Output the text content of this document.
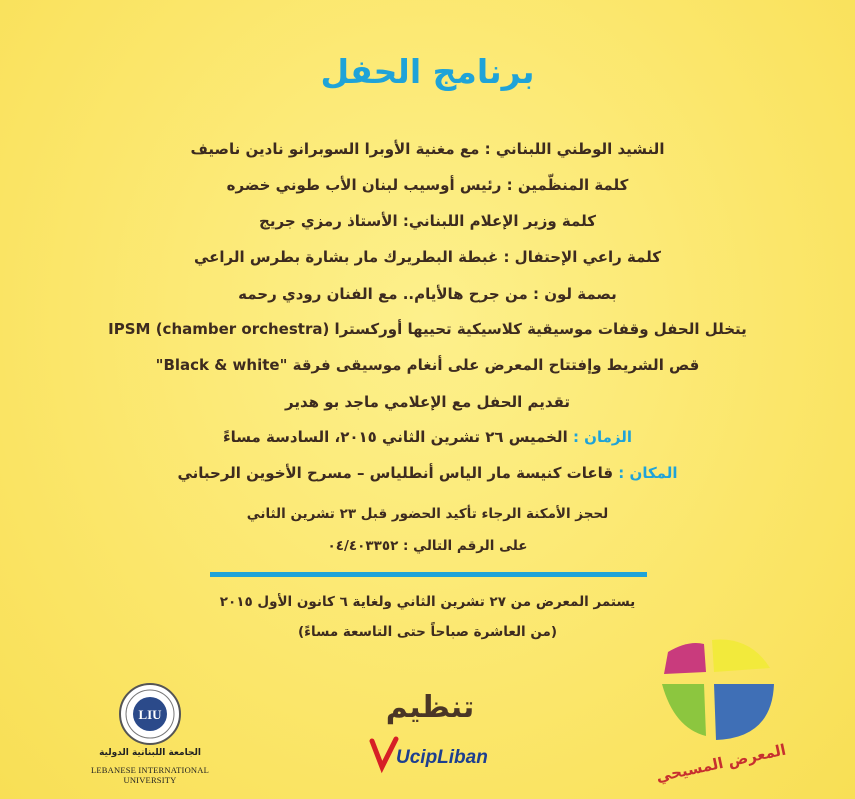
برنامج الحفل
النشيد الوطني اللبناني : مع مغنية الأوبرا السوبرانو نادين ناصيف
كلمة المنظّمين : رئيس أوسيب لبنان الأب طوني خضره
كلمة وزير الإعلام اللبناني: الأستاذ رمزي جريج
كلمة راعي الإحتفال : غبطة البطريرك مار بشارة بطرس الراعي
بصمة لون : من جرح هالأيام.. مع الفنان رودي رحمه
يتخلل الحفل وقفات موسيقية كلاسيكية تحييها أوركسترا (IPSM (chamber orchestra
قص الشريط وإفتتاح المعرض على أنغام موسيقى فرقة "Black & white"
تقديم الحفل مع الإعلامي ماجد بو هدير
الزمان : الخميس ٢٦ تشرين الثاني ٢٠١٥، السادسة مساءً
المكان : قاعات كنيسة مار الياس أنطلياس – مسرح الأخوين الرحباني
لحجز الأمكنة الرجاء تأكيد الحضور قبل ٢٣ تشرين الثاني
على الرقم التالي : ٠٤/٤٠٣٣٥٢
يستمر المعرض من ٢٧ تشرين الثاني ولغاية ٦ كانون الأول ٢٠١٥
(من العاشرة صباحاً حتى التاسعة مساءً)
LIU
الجامعة اللبنانية الدولية
LEBANESE INTERNATIONAL UNIVERSITY
تنظيم
UcipLiban	المعرض المسيحي
